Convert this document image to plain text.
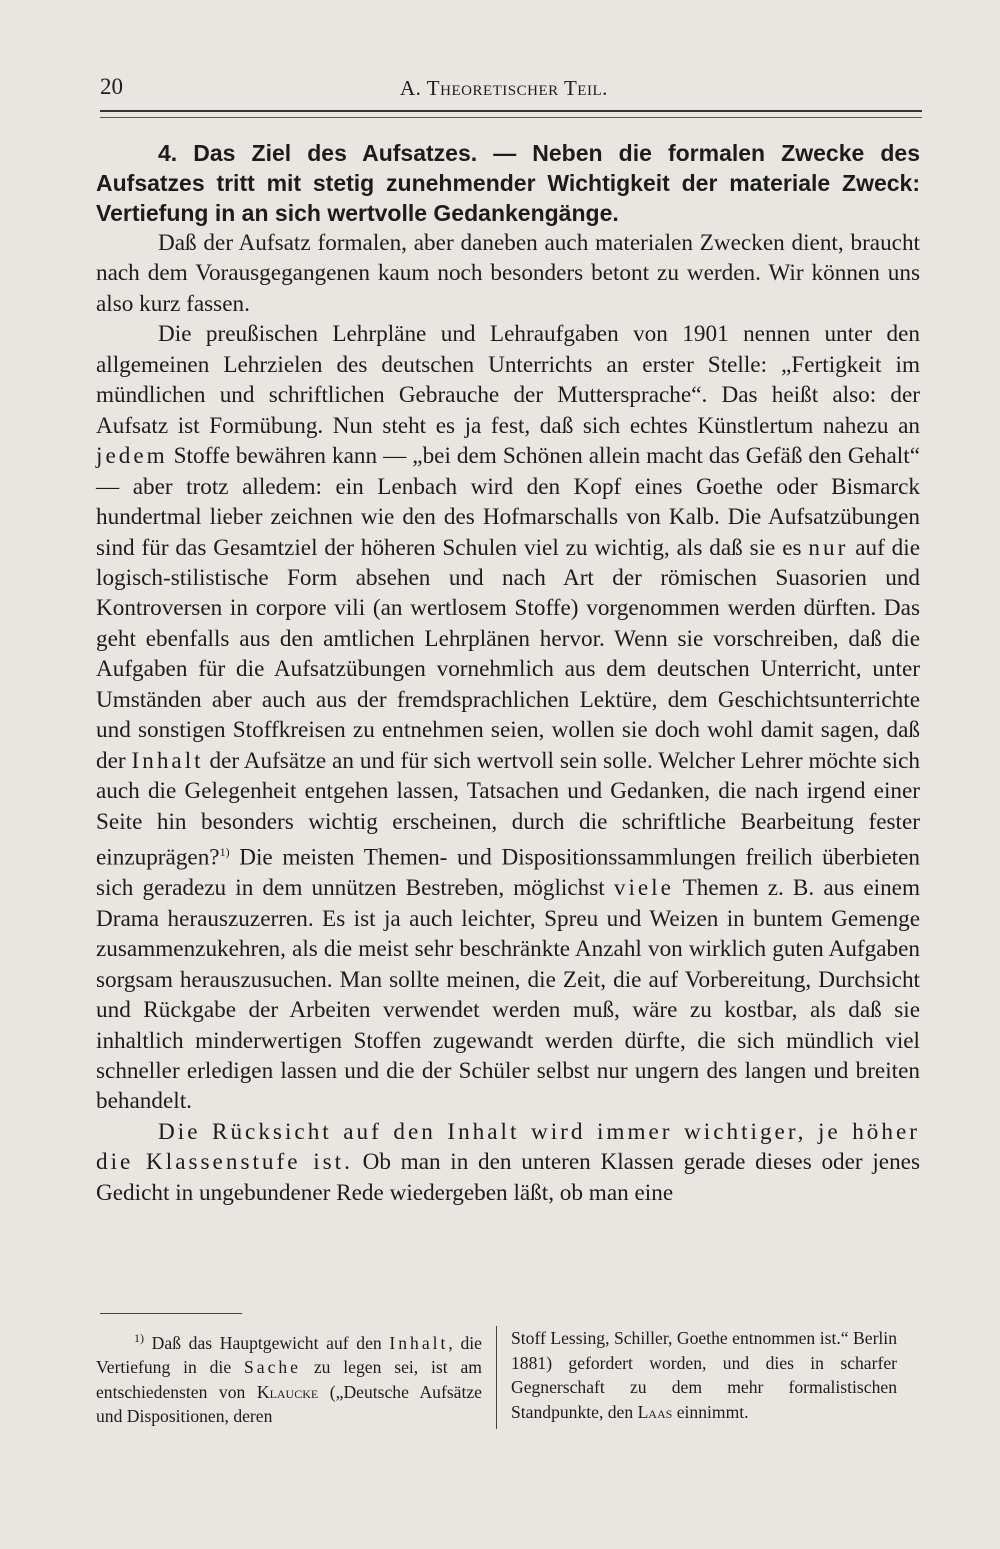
20	A. Theoretischer Teil.

4. Das Ziel des Aufsatzes. — Neben die formalen Zwecke des Aufsatzes tritt mit stetig zunehmender Wichtigkeit der materiale Zweck: Vertiefung in an sich wertvolle Gedankengänge.

Daß der Aufsatz formalen, aber daneben auch materialen Zwecken dient, braucht nach dem Vorausgegangenen kaum noch besonders betont zu werden. Wir können uns also kurz fassen.

Die preußischen Lehrpläne und Lehraufgaben von 1901 nennen unter den allgemeinen Lehrzielen des deutschen Unterrichts an erster Stelle: „Fertigkeit im mündlichen und schriftlichen Gebrauche der Muttersprache“. Das heißt also: der Aufsatz ist Formübung. Nun steht es ja fest, daß sich echtes Künstlertum nahezu an jedem Stoffe bewähren kann — „bei dem Schönen allein macht das Gefäß den Gehalt“ — aber trotz alledem: ein Lenbach wird den Kopf eines Goethe oder Bismarck hundertmal lieber zeichnen wie den des Hofmarschalls von Kalb. Die Aufsatzübungen sind für das Gesamtziel der höheren Schulen viel zu wichtig, als daß sie es nur auf die logisch-stilistische Form absehen und nach Art der römischen Suasorien und Kontroversen in corpore vili (an wertlosem Stoffe) vorgenommen werden dürften. Das geht ebenfalls aus den amtlichen Lehrplänen hervor. Wenn sie vorschreiben, daß die Aufgaben für die Aufsatzübungen vornehmlich aus dem deutschen Unterricht, unter Umständen aber auch aus der fremdsprachlichen Lektüre, dem Geschichtsunterrichte und sonstigen Stoffkreisen zu entnehmen seien, wollen sie doch wohl damit sagen, daß der Inhalt der Aufsätze an und für sich wertvoll sein solle. Welcher Lehrer möchte sich auch die Gelegenheit entgehen lassen, Tatsachen und Gedanken, die nach irgend einer Seite hin besonders wichtig erscheinen, durch die schriftliche Bearbeitung fester einzuprägen?$^{1)}$ Die meisten Themen- und Dispositionssammlungen freilich überbieten sich geradezu in dem unnützen Bestreben, möglichst viele Themen z. B. aus einem Drama herauszuzerren. Es ist ja auch leichter, Spreu und Weizen in buntem Gemenge zusammenzukehren, als die meist sehr beschränkte Anzahl von wirklich guten Aufgaben sorgsam herauszusuchen. Man sollte meinen, die Zeit, die auf Vorbereitung, Durchsicht und Rückgabe der Arbeiten verwendet werden muß, wäre zu kostbar, als daß sie inhaltlich minderwertigen Stoffen zugewandt werden dürfte, die sich mündlich viel schneller erledigen lassen und die der Schüler selbst nur ungern des langen und breiten behandelt.

Die Rücksicht auf den Inhalt wird immer wichtiger, je höher die Klassenstufe ist. Ob man in den unteren Klassen gerade dieses oder jenes Gedicht in ungebundener Rede wiedergeben läßt, ob man eine

$^{1)}$ Daß das Hauptgewicht auf den Inhalt, die Vertiefung in die Sache zu legen sei, ist am entschiedensten von Klaucke („Deutsche Aufsätze und Dispositionen, deren
Stoff Lessing, Schiller, Goethe entnommen ist.“ Berlin 1881) gefordert worden, und dies in scharfer Gegnerschaft zu dem mehr formalistischen Standpunkte, den Laas einnimmt.
